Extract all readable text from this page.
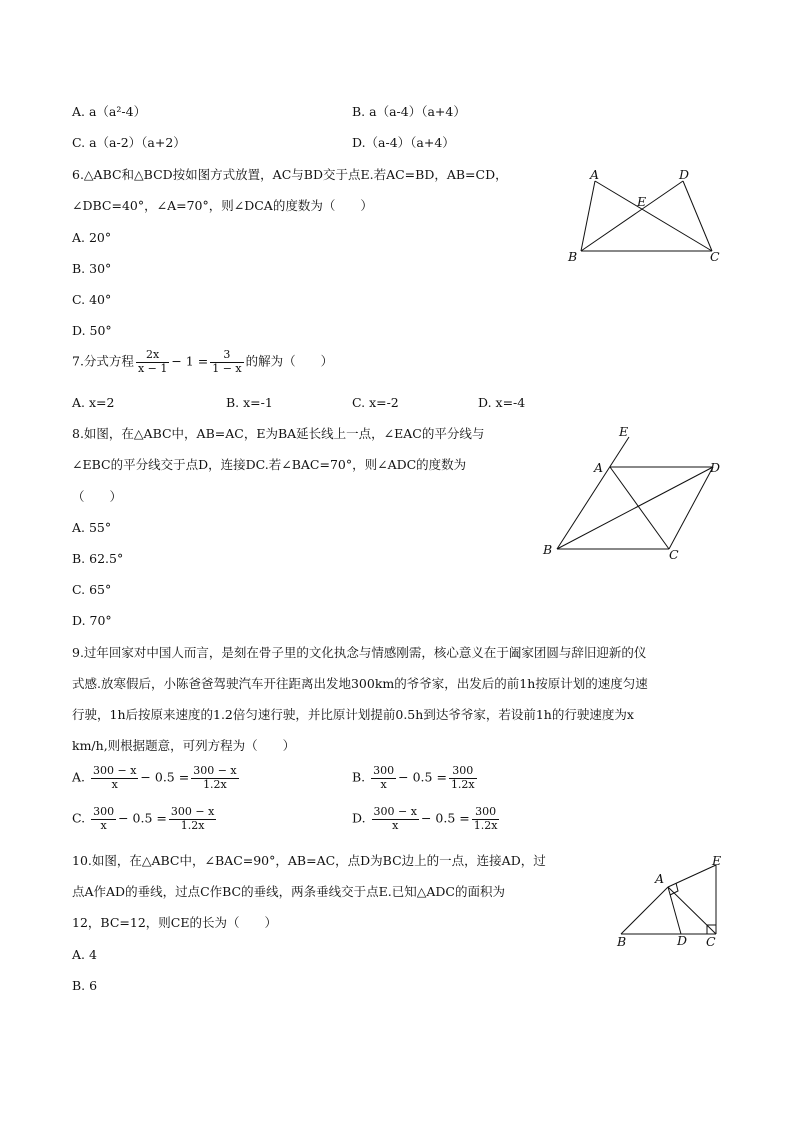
A. a（a²-4）	B. a（a-4）（a+4）
C. a（a-2）（a+2）	D.（a-4）（a+4）
6.△ABC和△BCD按如图方式放置，AC与BD交于点E.若AC=BD，AB=CD，
∠DBC=40°，∠A=70°，则∠DCA的度数为（　　）
A. 20°
B. 30°
C. 40°
D. 50°
A	D
E
B	C
7.分式方程 $\frac{2x}{x - 1} - 1 = \frac{3}{1 - x}$ 的解为（　　）
A. x=2	B. x=-1	C. x=-2	D. x=-4
8.如图，在△ABC中，AB=AC，E为BA延长线上一点，∠EAC的平分线与
∠EBC的平分线交于点D，连接DC.若∠BAC=70°，则∠ADC的度数为
（　　）
A. 55°
B. 62.5°
C. 65°
D. 70°
E
A	D
B	C
9.过年回家对中国人而言，是刻在骨子里的文化执念与情感刚需，核心意义在于阖家团圆与辞旧迎新的仪
式感.放寒假后，小陈爸爸驾驶汽车开往距离出发地300km的爷爷家，出发后的前1h按原计划的速度匀速
行驶，1h后按原来速度的1.2倍匀速行驶，并比原计划提前0.5h到达爷爷家，若设前1h的行驶速度为x
km/h,则根据题意，可列方程为（　　）
A. $\frac{300 - x}{x} - 0.5 = \frac{300 - x}{1.2x}$	B. $\frac{300}{x} - 0.5 = \frac{300}{1.2x}$
C. $\frac{300}{x} - 0.5 = \frac{300 - x}{1.2x}$	D. $\frac{300 - x}{x} - 0.5 = \frac{300}{1.2x}$
10.如图，在△ABC中，∠BAC=90°，AB=AC，点D为BC边上的一点，连接AD，过
点A作AD的垂线，过点C作BC的垂线，两条垂线交于点E.已知△ADC的面积为
12，BC=12，则CE的长为（　　）
A. 4
B. 6
E
A
B	D C
